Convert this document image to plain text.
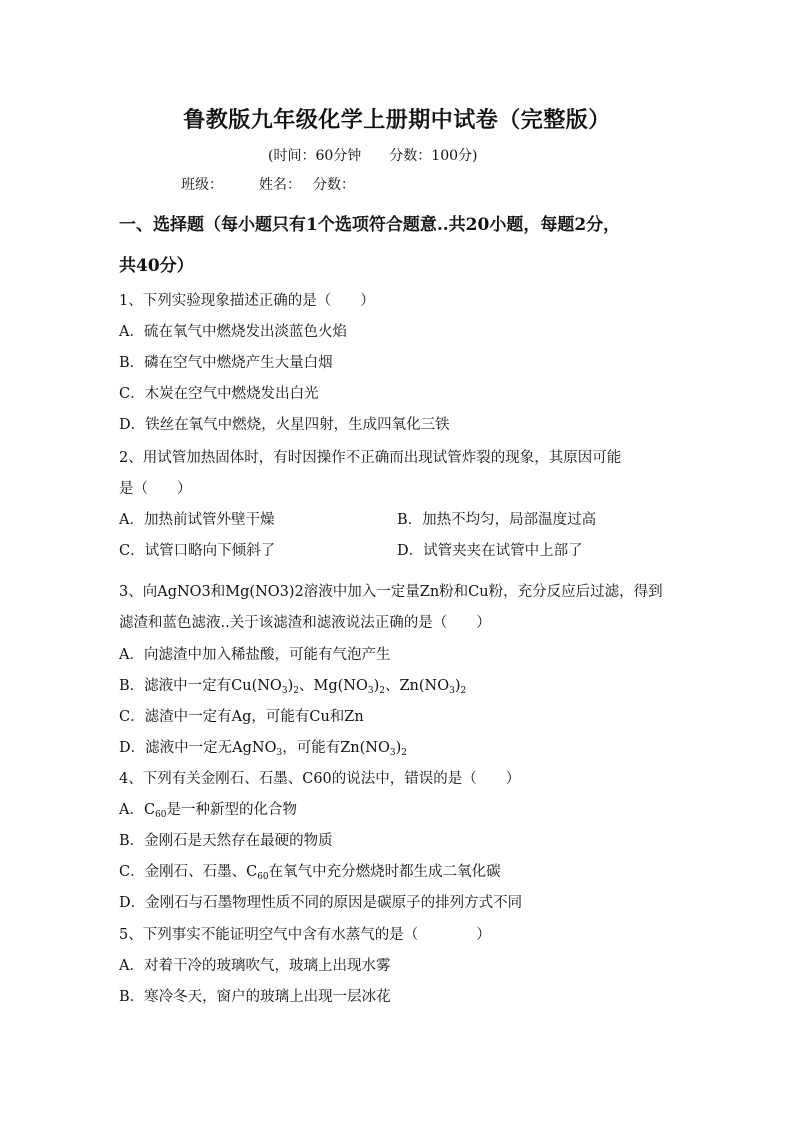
鲁教版九年级化学上册期中试卷（完整版）
(时间：60分钟 分数：100分)
班级：	姓名： 分数：
一、选择题（每小题只有1个选项符合题意..共20小题，每题2分，
共40分）
1、下列实验现象描述正确的是（　　）
A．硫在氧气中燃烧发出淡蓝色火焰
B．磷在空气中燃烧产生大量白烟
C．木炭在空气中燃烧发出白光
D．铁丝在氧气中燃烧，火星四射，生成四氧化三铁
2、用试管加热固体时，有时因操作不正确而出现试管炸裂的现象，其原因可能
是（　　）
A．加热前试管外壁干燥	B．加热不均匀，局部温度过高
C．试管口略向下倾斜了	D．试管夹夹在试管中上部了
3、向AgNO3和Mg(NO3)2溶液中加入一定量Zn粉和Cu粉，充分反应后过滤，得到
滤渣和蓝色滤液..关于该滤渣和滤液说法正确的是（　　）
A．向滤渣中加入稀盐酸，可能有气泡产生
B．滤液中一定有$Cu(NO_3)_2$、$Mg(NO_3)_2$、$Zn(NO_3)_2$
C．滤渣中一定有Ag，可能有Cu和Zn
D．滤液中一定无AgNO$_3$，可能有$Zn(NO_3)_2$
4、下列有关金刚石、石墨、C60的说法中，错误的是（　　）
A．$C_{60}$是一种新型的化合物
B．金刚石是天然存在最硬的物质
C．金刚石、石墨、$C_{60}$在氧气中充分燃烧时都生成二氧化碳
D．金刚石与石墨物理性质不同的原因是碳原子的排列方式不同
5、下列事实不能证明空气中含有水蒸气的是（　　　　）
A．对着干冷的玻璃吹气，玻璃上出现水雾
B．寒冷冬天，窗户的玻璃上出现一层冰花
